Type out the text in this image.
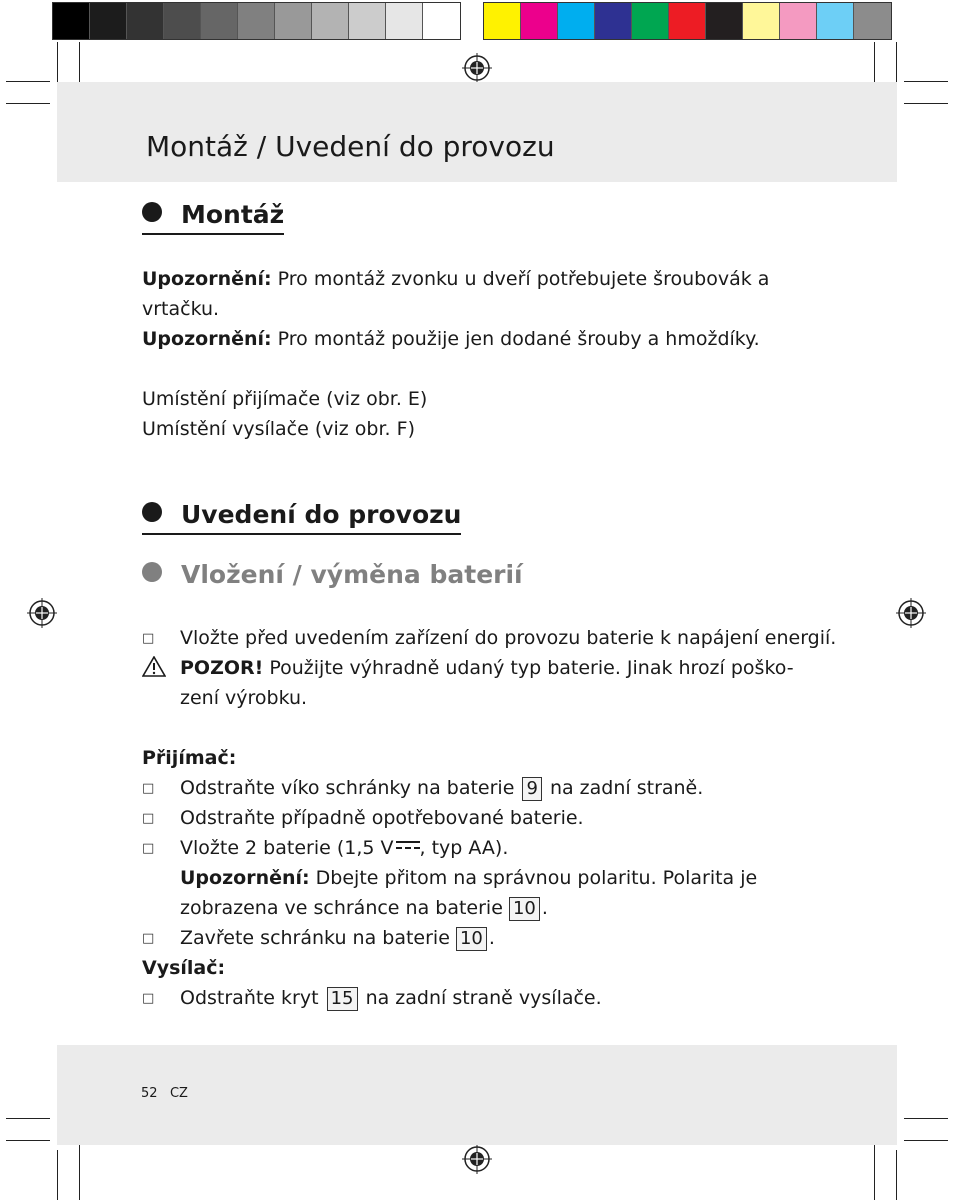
Montáž / Uvedení do provozu
Montáž
Upozornění: Pro montáž zvonku u dveří potřebujete šroubovák a
vrtačku.
Upozornění: Pro montáž použije jen dodané šrouby a hmoždíky.
Umístění přijímače (viz obr. E)
Umístění vysílače (viz obr. F)
Uvedení do provozu
Vložení / výměna baterií
□ Vložte před uvedením zařízení do provozu baterie k napájení energií.
POZOR! Použijte výhradně udaný typ baterie. Jinak hrozí poško-
zení výrobku.
Přijímač:
□ Odstraňte víko schránky na baterie 9 na zadní straně.
□ Odstraňte případně opotřebované baterie.
□ Vložte 2 baterie (1,5 V , typ AA).
Upozornění: Dbejte přitom na správnou polaritu. Polarita je
zobrazena ve schránce na baterie 10 .
□ Zavřete schránku na baterie 10 .
Vysílač:
□ Odstraňte kryt 15 na zadní straně vysílače.
52 CZ
